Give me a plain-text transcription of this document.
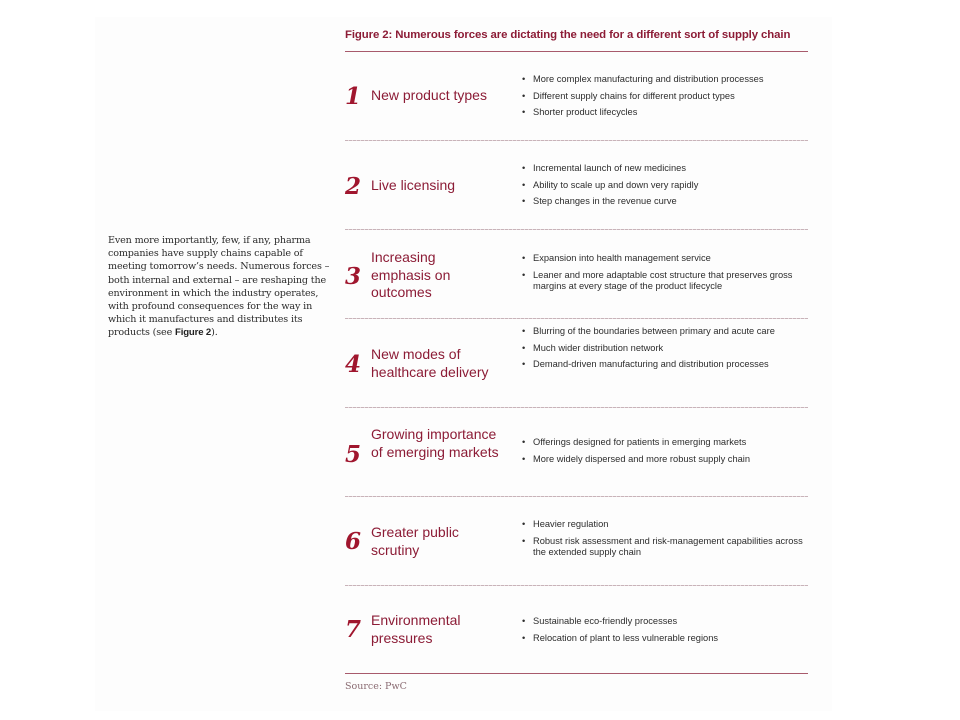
Even more importantly, few, if any, pharma companies have supply chains capable of meeting tomorrow’s needs. Numerous forces – both internal and external – are reshaping the environment in which the industry operates, with profound consequences for the way in which it manufactures and distributes its products (see Figure 2).

Figure 2: Numerous forces are dictating the need for a different sort of supply chain
1 New product types
• More complex manufacturing and distribution processes
• Different supply chains for different product types
• Shorter product lifecycles
2 Live licensing
• Incremental launch of new medicines
• Ability to scale up and down very rapidly
• Step changes in the revenue curve
3
Increasing emphasis on outcomes
• Expansion into health management service
• Leaner and more adaptable cost structure that preserves gross margins at every stage of the product lifecycle
4 New modes of healthcare delivery
• Blurring of the boundaries between primary and acute care
• Much wider distribution network
• Demand-driven manufacturing and distribution processes
5
Growing importance of emerging markets
• Offerings designed for patients in emerging markets
• More widely dispersed and more robust supply chain
6 Greater public scrutiny
• Heavier regulation
• Robust risk assessment and risk-management capabilities across the extended supply chain
7 Environmental pressures
• Sustainable eco-friendly processes
• Relocation of plant to less vulnerable regions
Source: PwC
